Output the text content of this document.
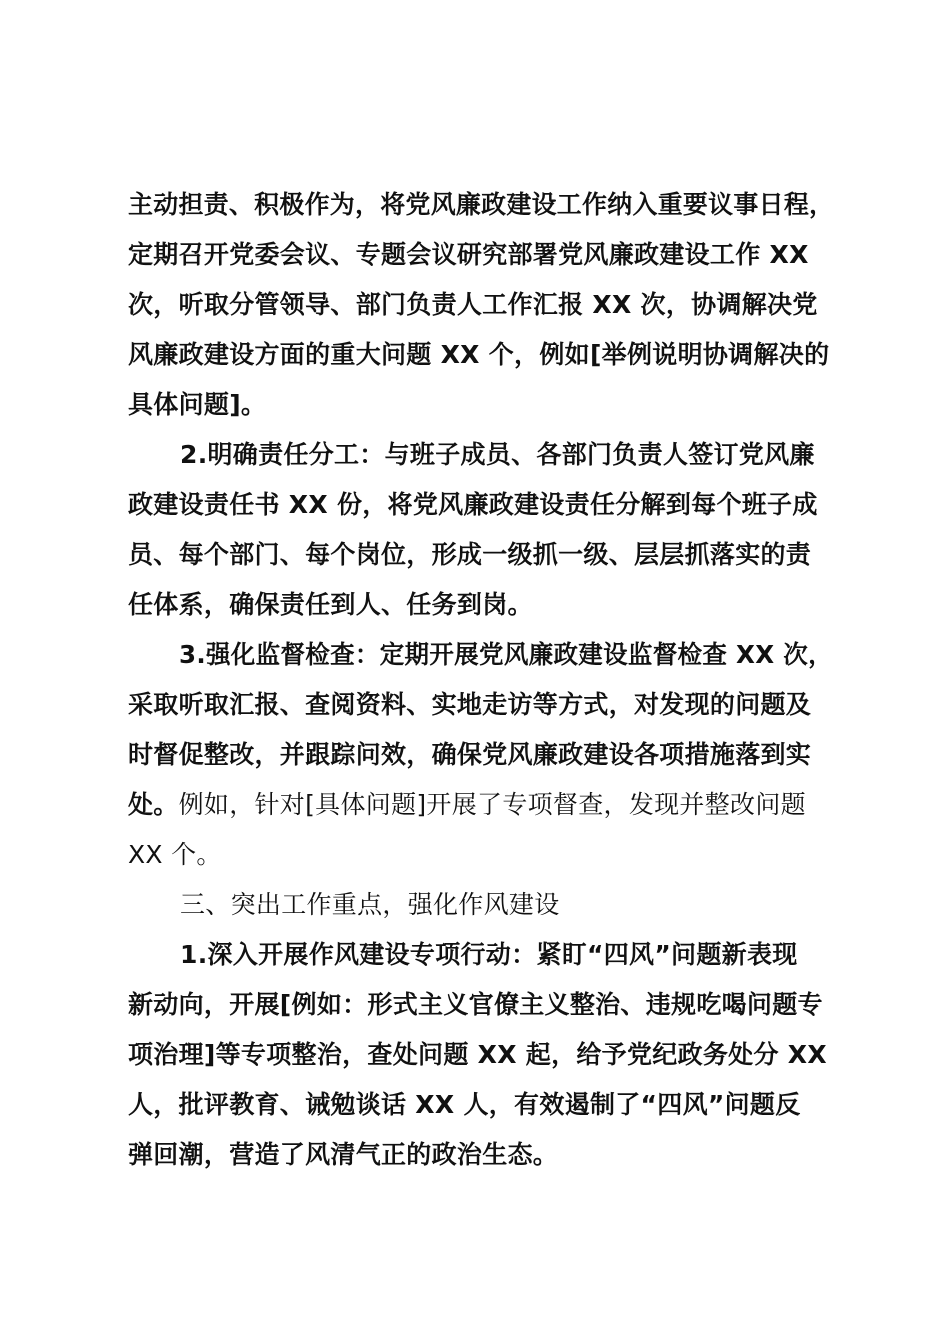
主动担责、积极作为，将党风廉政建设工作纳入重要议事日程，
定期召开党委会议、专题会议研究部署党风廉政建设工作 XX
次，听取分管领导、部门负责人工作汇报 XX 次，协调解决党
风廉政建设方面的重大问题 XX 个，例如[举例说明协调解决的
具体问题]。
2.明确责任分工：与班子成员、各部门负责人签订党风廉
政建设责任书 XX 份，将党风廉政建设责任分解到每个班子成
员、每个部门、每个岗位，形成一级抓一级、层层抓落实的责
任体系，确保责任到人、任务到岗。
3.强化监督检查：定期开展党风廉政建设监督检查 XX 次，
采取听取汇报、查阅资料、实地走访等方式，对发现的问题及
时督促整改，并跟踪问效，确保党风廉政建设各项措施落到实
处。例如，针对[具体问题]开展了专项督查，发现并整改问题
XX 个。
三、突出工作重点，强化作风建设
1.深入开展作风建设专项行动：紧盯“四风”问题新表现
新动向，开展[例如：形式主义官僚主义整治、违规吃喝问题专
项治理]等专项整治，查处问题 XX 起，给予党纪政务处分 XX
人，批评教育、诫勉谈话 XX 人，有效遏制了“四风”问题反
弹回潮，营造了风清气正的政治生态。
